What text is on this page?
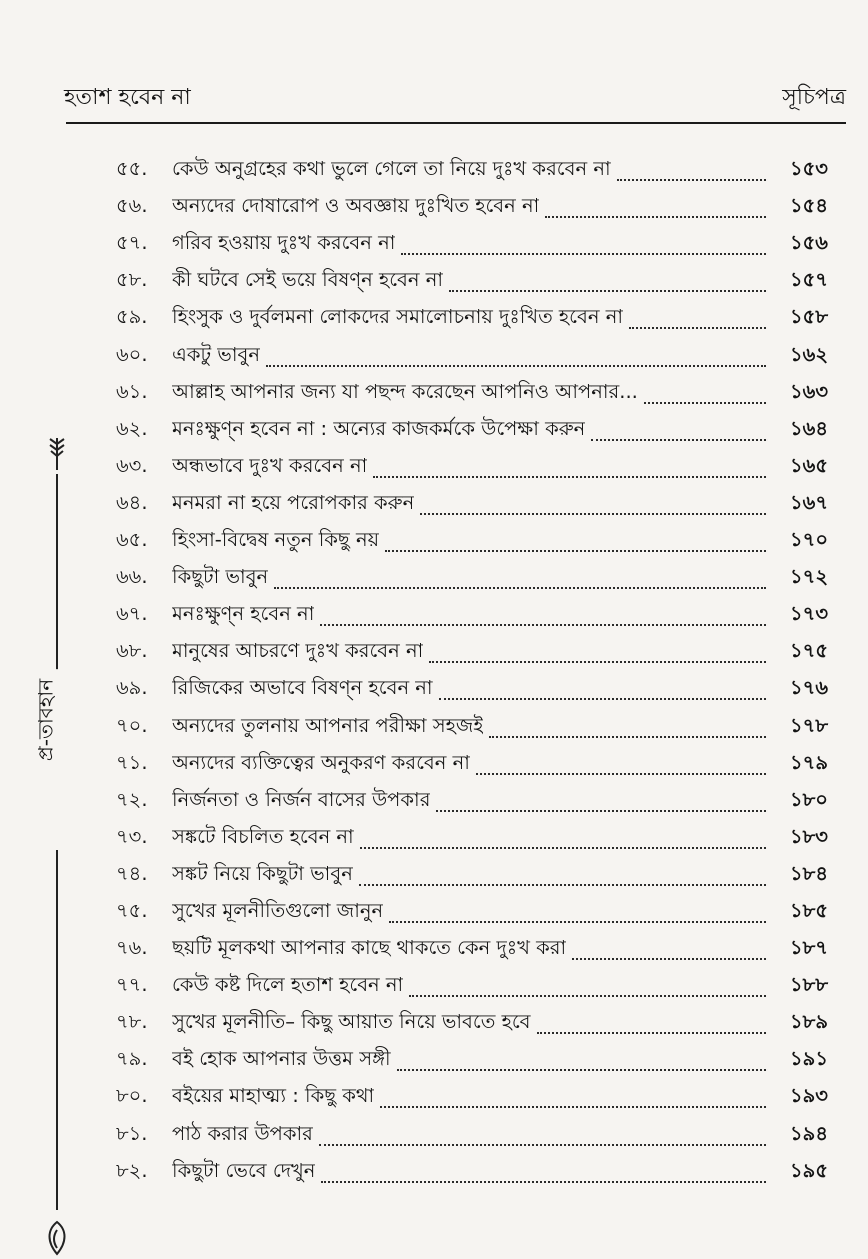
হতাশ হবেন না	সূচিপত্র
প্র-তাবহান
৫৫.	কেউ অনুগ্রহের কথা ভুলে গেলে তা নিয়ে দুঃখ করবেন না	১৫৩
৫৬.	অন্যদের দোষারোপ ও অবজ্ঞায় দুঃখিত হবেন না	১৫৪
৫৭.	গরিব হওয়ায় দুঃখ করবেন না	১৫৬
৫৮.	কী ঘটবে সেই ভয়ে বিষণ্ন হবেন না	১৫৭
৫৯.	হিংসুক ও দুর্বলমনা লোকদের সমালোচনায় দুঃখিত হবেন না	১৫৮
৬০.	একটু ভাবুন	১৬২
৬১.	আল্লাহ আপনার জন্য যা পছন্দ করেছেন আপনিও আপনার...	১৬৩
৬২.	মনঃক্ষুণ্ন হবেন না : অন্যের কাজকর্মকে উপেক্ষা করুন	১৬৪
৬৩.	অন্ধভাবে দুঃখ করবেন না	১৬৫
৬৪.	মনমরা না হয়ে পরোপকার করুন	১৬৭
৬৫.	হিংসা-বিদ্বেষ নতুন কিছু নয়	১৭০
৬৬.	কিছুটা ভাবুন	১৭২
৬৭.	মনঃক্ষুণ্ন হবেন না	১৭৩
৬৮.	মানুষের আচরণে দুঃখ করবেন না	১৭৫
৬৯.	রিজিকের অভাবে বিষণ্ন হবেন না	১৭৬
৭০.	অন্যদের তুলনায় আপনার পরীক্ষা সহজই	১৭৮
৭১.	অন্যদের ব্যক্তিত্বের অনুকরণ করবেন না	১৭৯
৭২.	নির্জনতা ও নির্জন বাসের উপকার	১৮০
৭৩.	সঙ্কটে বিচলিত হবেন না	১৮৩
৭৪.	সঙ্কট নিয়ে কিছুটা ভাবুন	১৮৪
৭৫.	সুখের মূলনীতিগুলো জানুন	১৮৫
৭৬.	ছয়টি মূলকথা আপনার কাছে থাকতে কেন দুঃখ করা	১৮৭
৭৭.	কেউ কষ্ট দিলে হতাশ হবেন না	১৮৮
৭৮.	সুখের মূলনীতি– কিছু আয়াত নিয়ে ভাবতে হবে	১৮৯
৭৯.	বই হোক আপনার উত্তম সঙ্গী	১৯১
৮০.	বইয়ের মাহাত্ম্য : কিছু কথা	১৯৩
৮১.	পাঠ করার উপকার	১৯৪
৮২.	কিছুটা ভেবে দেখুন	১৯৫
